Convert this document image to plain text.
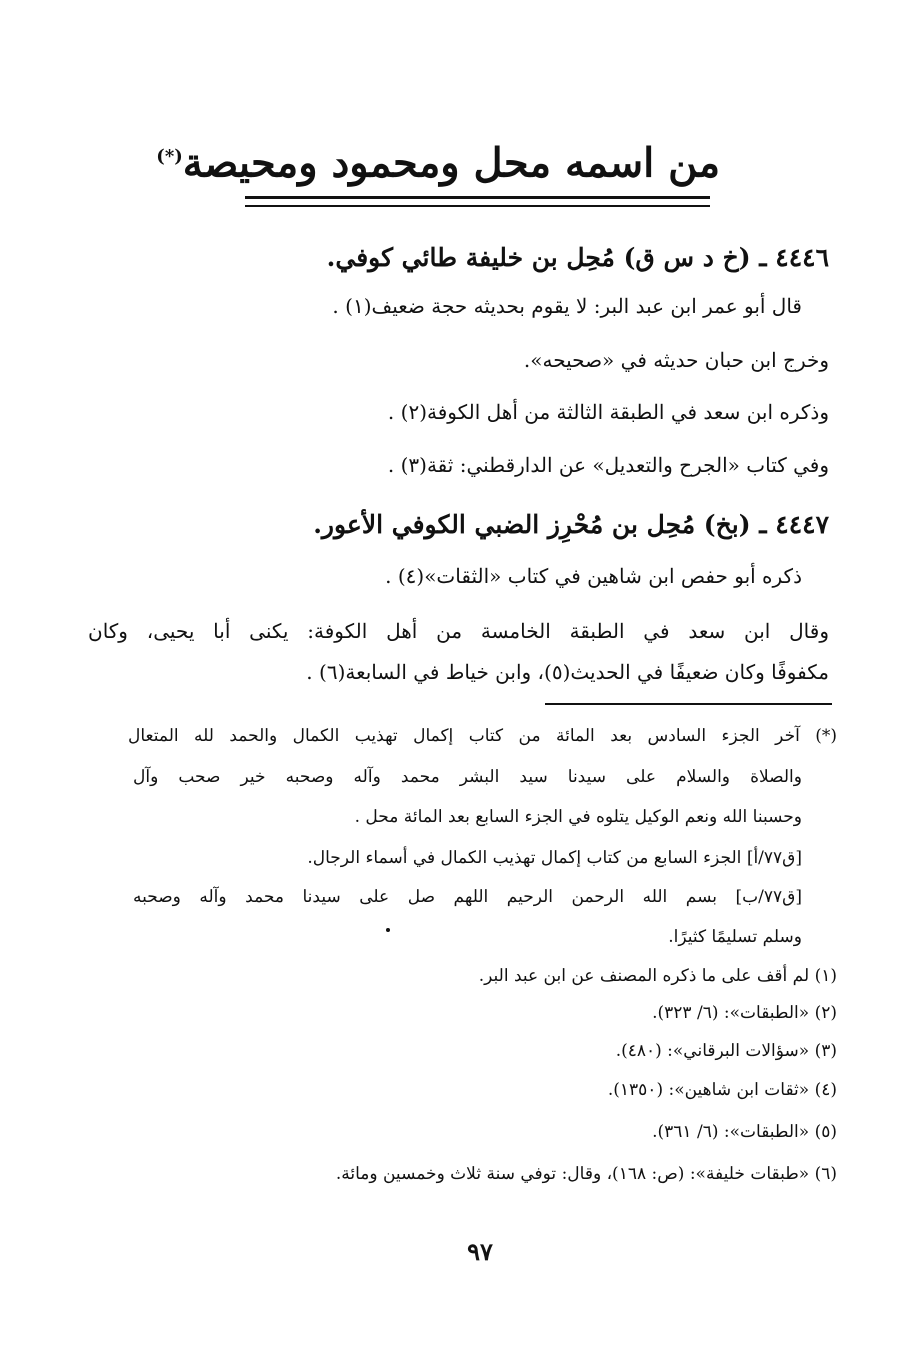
من اسمه محل ومحمود ومحيصة(*)
٤٤٤٦ ـ (خ د س ق) مُحِل بن خليفة طائي كوفي.
قال أبو عمر ابن عبد البر: لا يقوم بحديثه حجة ضعيف(١) .
وخرج ابن حبان حديثه في «صحيحه».
وذكره ابن سعد في الطبقة الثالثة من أهل الكوفة(٢) .
وفي كتاب «الجرح والتعديل» عن الدارقطني: ثقة(٣) .
٤٤٤٧ ـ (بخ) مُحِل بن مُحْرِز الضبي الكوفي الأعور.
ذكره أبو حفص ابن شاهين في كتاب «الثقات»(٤) .
وقال ابن سعد في الطبقة الخامسة من أهل الكوفة: يكنى أبا يحيى، وكان
مكفوفًا وكان ضعيفًا في الحديث(٥)، وابن خياط في السابعة(٦) .
(*) آخر الجزء السادس بعد المائة من كتاب إكمال تهذيب الكمال والحمد لله المتعال
والصلاة والسلام على سيدنا سيد البشر محمد وآله وصحبه خير صحب وآل
وحسبنا الله ونعم الوكيل يتلوه في الجزء السابع بعد المائة محل .
[ق٧٧/أ] الجزء السابع من كتاب إكمال تهذيب الكمال في أسماء الرجال.
[ق٧٧/ب] بسم الله الرحمن الرحيم اللهم صل على سيدنا محمد وآله وصحبه
وسلم تسليمًا كثيرًا.
(١) لم أقف على ما ذكره المصنف عن ابن عبد البر.
(٢) «الطبقات»: (٦/ ٣٢٣).
(٣) «سؤالات البرقاني»: (٤٨٠).
(٤) «ثقات ابن شاهين»: (١٣٥٠).
(٥) «الطبقات»: (٦/ ٣٦١).
(٦) «طبقات خليفة»: (ص: ١٦٨)، وقال: توفي سنة ثلاث وخمسين ومائة.
٩٧
